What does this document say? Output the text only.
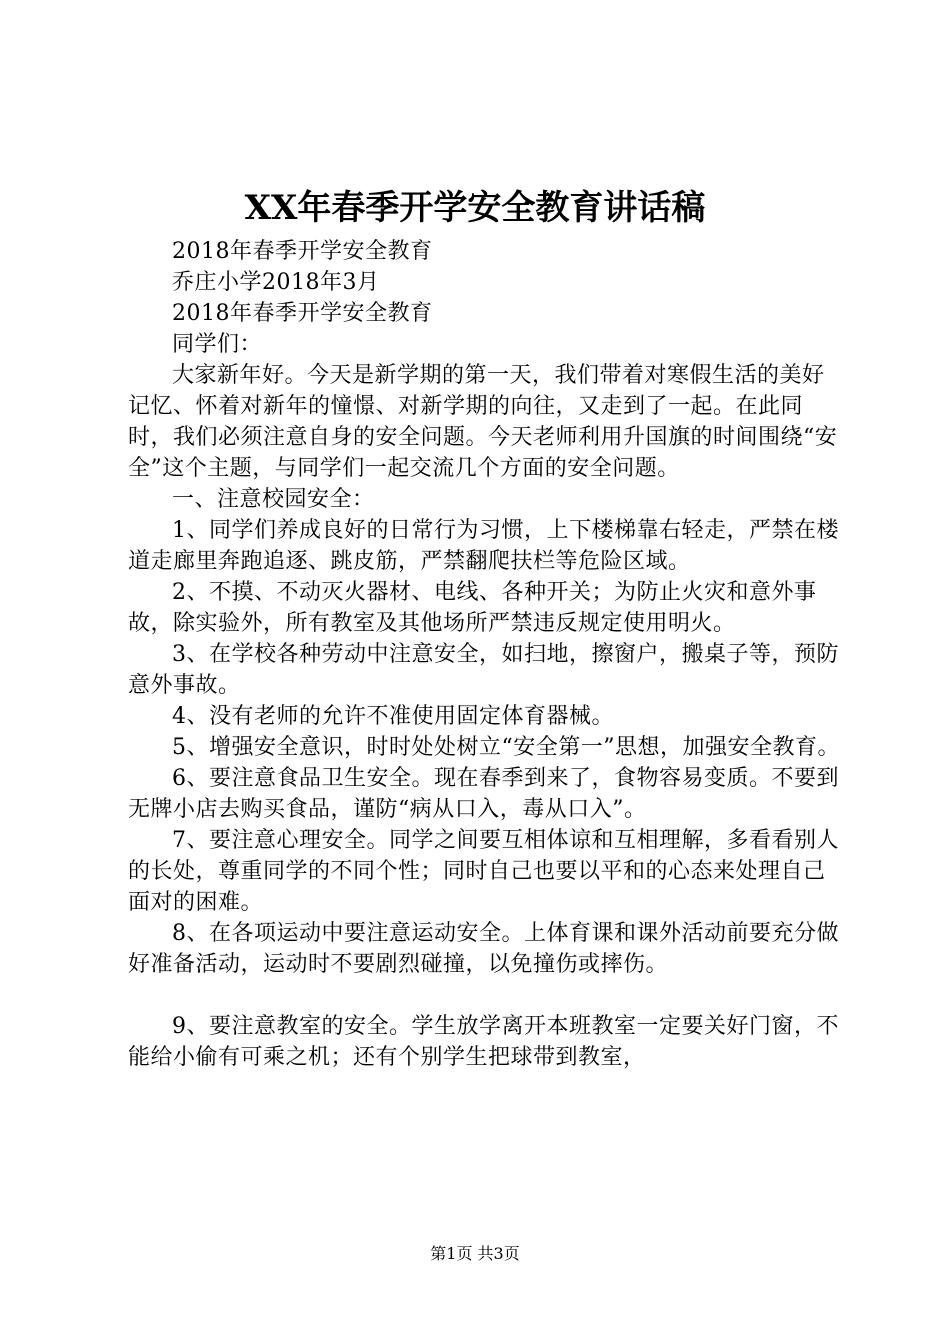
XX年春季开学安全教育讲话稿

2018年春季开学安全教育

乔庄小学2018年3月

2018年春季开学安全教育

同学们：

大家新年好。今天是新学期的第一天，我们带着对寒假生活的美好记忆、怀着对新年的憧憬、对新学期的向往，又走到了一起。在此同时，我们必须注意自身的安全问题。今天老师利用升国旗的时间围绕“安全”这个主题，与同学们一起交流几个方面的安全问题。

一、注意校园安全：

1、同学们养成良好的日常行为习惯，上下楼梯靠右轻走，严禁在楼道走廊里奔跑追逐、跳皮筋，严禁翻爬扶栏等危险区域。

2、不摸、不动灭火器材、电线、各种开关；为防止火灾和意外事故，除实验外，所有教室及其他场所严禁违反规定使用明火。

3、在学校各种劳动中注意安全，如扫地，擦窗户，搬桌子等，预防意外事故。

4、没有老师的允许不准使用固定体育器械。

5、增强安全意识，时时处处树立“安全第一”思想，加强安全教育。

6、要注意食品卫生安全。现在春季到来了，食物容易变质。不要到无牌小店去购买食品，谨防“病从口入，毒从口入”。

7、要注意心理安全。同学之间要互相体谅和互相理解，多看看别人的长处，尊重同学的不同个性；同时自己也要以平和的心态来处理自己面对的困难。

8、在各项运动中要注意运动安全。上体育课和课外活动前要充分做好准备活动，运动时不要剧烈碰撞，以免撞伤或摔伤。

9、要注意教室的安全。学生放学离开本班教室一定要关好门窗，不能给小偷有可乘之机；还有个别学生把球带到教室，

第1页 共3页
